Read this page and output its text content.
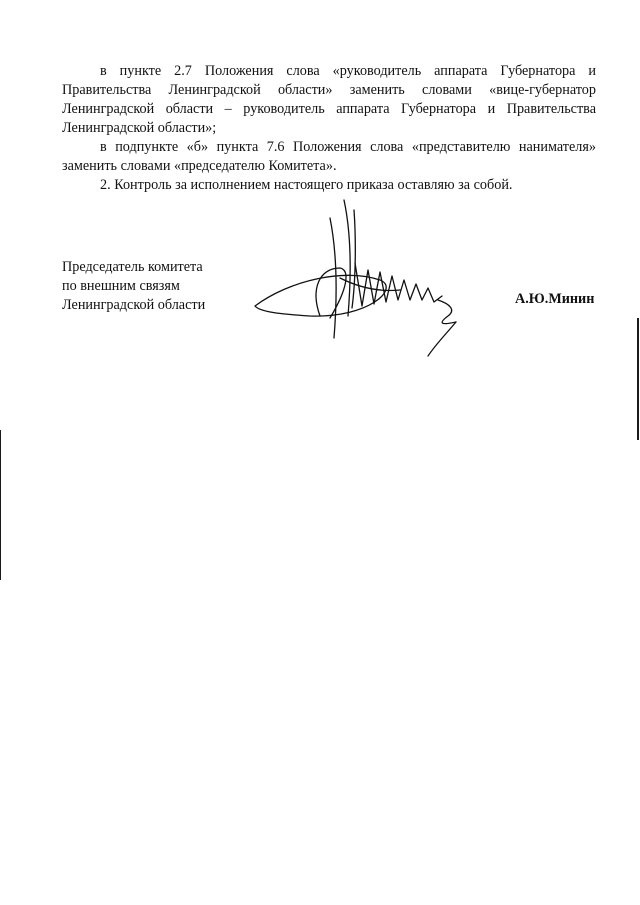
в пункте 2.7 Положения слова «руководитель аппарата Губернатора и Правительства Ленинградской области» заменить словами «вице-губернатор Ленинградской области – руководитель аппарата Губернатора и Правительства Ленинградской области»;

в подпункте «б» пункта 7.6 Положения слова «представителю нанимателя» заменить словами «председателю Комитета».

2. Контроль за исполнением настоящего приказа оставляю за собой.

Председатель комитета
по внешним связям
Ленинградской области	А.Ю.Минин
